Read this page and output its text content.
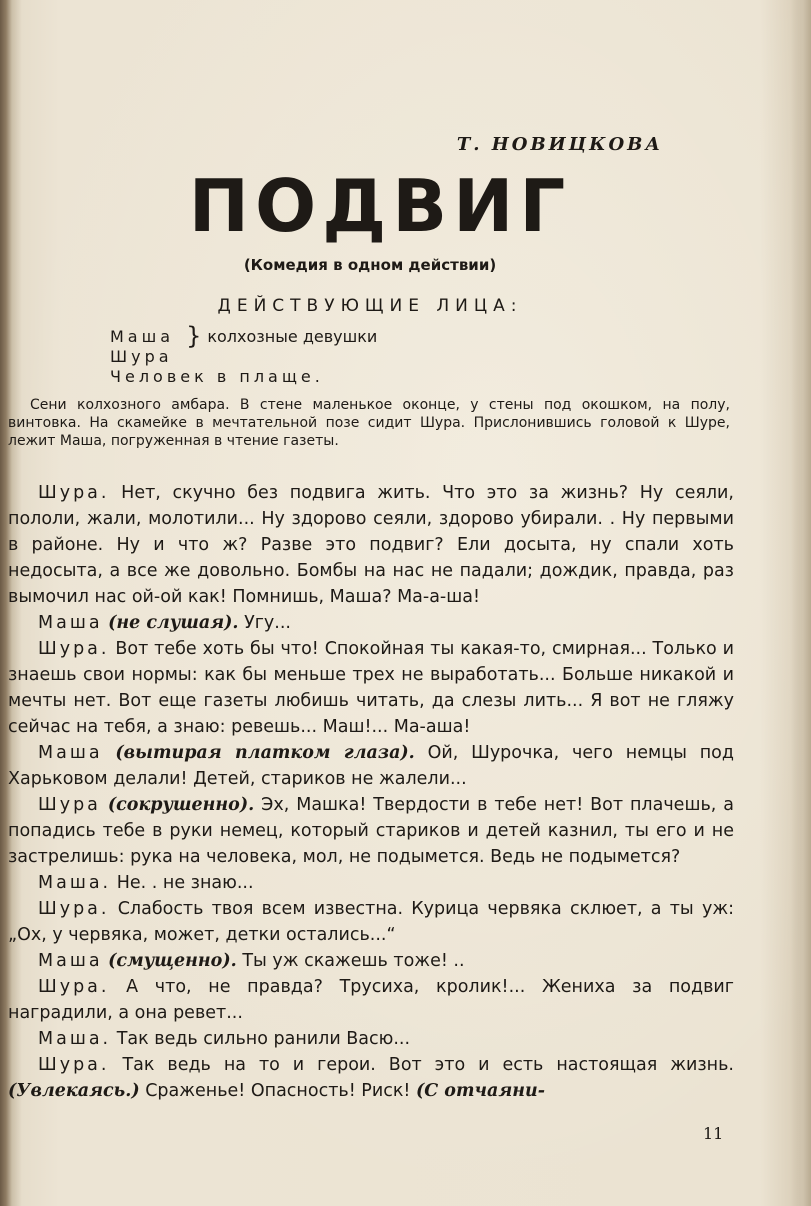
Т. НОВИЦКОВА
ПОДВИГ
(Комедия в одном действии)
ДЕЙСТВУЮЩИЕ ЛИЦА:
Маша } колхозные девушки
Шура
Человек в плаще.
Сени колхозного амбара. В стене маленькое оконце, у стены под окошком, на полу, винтовка. На скамейке в мечтательной позе сидит Шура. Прислонившись головой к Шуре, лежит Маша, погруженная в чтение газеты.

Шура. Нет, скучно без подвига жить. Что это за жизнь? Ну сеяли, пололи, жали, молотили... Ну здорово сеяли, здорово убирали. . Ну первыми в районе. Ну и что ж? Разве это подвиг? Ели досыта, ну спали хоть недосыта, а все же довольно. Бомбы на нас не падали; дождик, правда, раз вымочил нас ой-ой как! Помнишь, Маша? Ма-а-ша!

Маша (не слушая). Угу...

Шура. Вот тебе хоть бы что! Спокойная ты какая-то, смирная... Только и знаешь свои нормы: как бы меньше трех не выработать... Больше никакой и мечты нет. Вот еще газеты любишь читать, да слезы лить... Я вот не гляжу сейчас на тебя, а знаю: ревешь... Маш!... Ма-аша!

Маша (вытирая платком глаза). Ой, Шурочка, чего немцы под Харьковом делали! Детей, стариков не жалели...

Шура (сокрушенно). Эх, Машка! Твердости в тебе нет! Вот плачешь, а попадись тебе в руки немец, который стариков и детей казнил, ты его и не застрелишь: рука на человека, мол, не подымется. Ведь не подымется?

Маша. Не. . не знаю...

Шура. Слабость твоя всем известна. Курица червяка склюет, а ты уж: „Ох, у червяка, может, детки остались...“

Маша (смущенно). Ты уж скажешь тоже! ..

Шура. А что, не правда? Трусиха, кролик!... Жениха за подвиг наградили, а она ревет...

Маша. Так ведь сильно ранили Васю...

Шура. Так ведь на то и герои. Вот это и есть настоящая жизнь. (Увлекаясь.) Сраженье! Опасность! Риск! (С отчаяни-

11
